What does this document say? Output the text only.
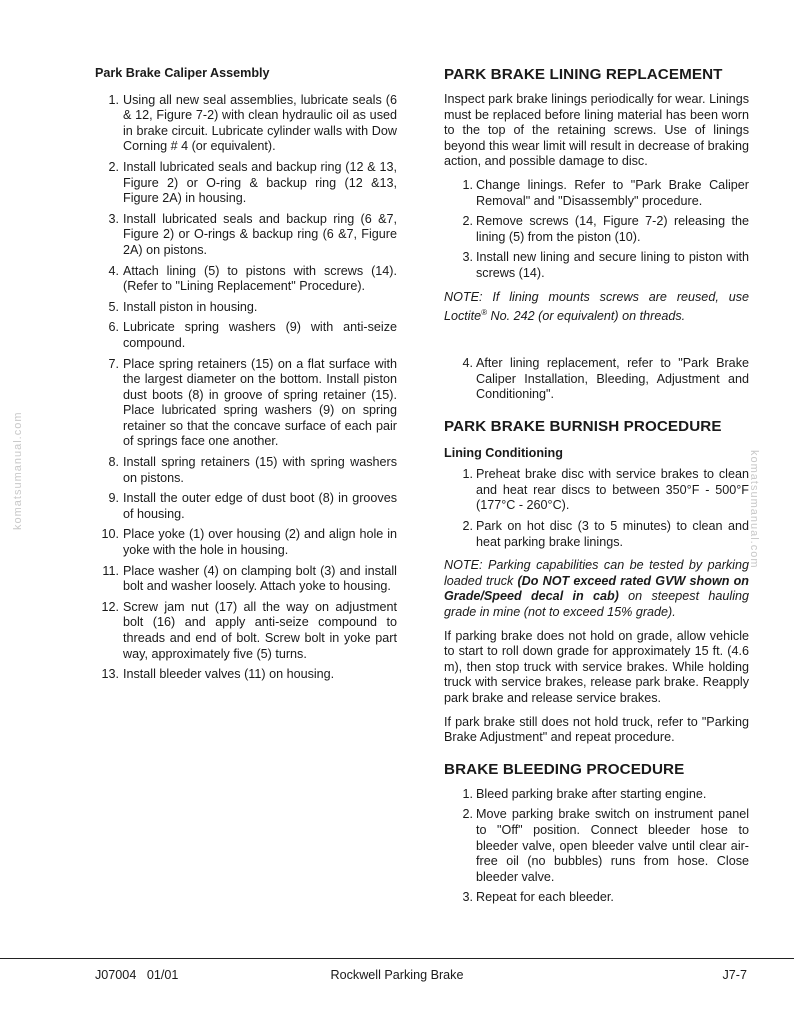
komatsumanual.com	komatsumanual.com
Park Brake Caliper Assembly
1. Using all new seal assemblies, lubricate seals (6 & 12, Figure 7-2) with clean hydraulic oil as used in brake circuit. Lubricate cylinder walls with Dow Corning # 4 (or equivalent).
2. Install lubricated seals and backup ring (12 & 13, Figure 2) or O-ring & backup ring (12 &13, Figure 2A) in housing.
3. Install lubricated seals and backup ring (6 &7, Figure 2) or O-rings & backup ring (6 &7, Figure 2A) on pistons.
4. Attach lining (5) to pistons with screws (14). (Refer to "Lining Replacement" Procedure).
5. Install piston in housing.
6. Lubricate spring washers (9) with anti-seize compound.
7. Place spring retainers (15) on a flat surface with the largest diameter on the bottom. Install piston dust boots (8) in groove of spring retainer (15). Place lubricated spring washers (9) on spring retainer so that the concave surface of each pair of springs face one another.
8. Install spring retainers (15) with spring washers on pistons.
9. Install the outer edge of dust boot (8) in grooves of housing.
10. Place yoke (1) over housing (2) and align hole in yoke with the hole in housing.
11. Place washer (4) on clamping bolt (3) and install bolt and washer loosely. Attach yoke to housing.
12. Screw jam nut (17) all the way on adjustment bolt (16) and apply anti-seize compound to threads and end of bolt. Screw bolt in yoke part way, approximately five (5) turns.
13. Install bleeder valves (11) on housing.
PARK BRAKE LINING REPLACEMENT

Inspect park brake linings periodically for wear. Linings must be replaced before lining material has been worn to the top of the retaining screws. Use of linings beyond this wear limit will result in decrease of braking action, and possible damage to disc.

1. Change linings. Refer to "Park Brake Caliper Removal" and "Disassembly" procedure.
2. Remove screws (14, Figure 7-2) releasing the lining (5) from the piston (10).
3. Install new lining and secure lining to piston with screws (14).
NOTE: If lining mounts screws are reused, use Loctite® No. 242 (or equivalent) on threads.
4. After lining replacement, refer to "Park Brake Caliper Installation, Bleeding, Adjustment and Conditioning".
PARK BRAKE BURNISH PROCEDURE
Lining Conditioning
1. Preheat brake disc with service brakes to clean and heat rear discs to between 350°F - 500°F (177°C - 260°C).
2. Park on hot disc (3 to 5 minutes) to clean and heat parking brake linings.
NOTE: Parking capabilities can be tested by parking loaded truck (Do NOT exceed rated GVW shown on Grade/Speed decal in cab) on steepest hauling grade in mine (not to exceed 15% grade).

If parking brake does not hold on grade, allow vehicle to start to roll down grade for approximately 15 ft. (4.6 m), then stop truck with service brakes. While holding truck with service brakes, release park brake. Reapply park brake and release service brakes.

If park brake still does not hold truck, refer to "Parking Brake Adjustment" and repeat procedure.

BRAKE BLEEDING PROCEDURE
1. Bleed parking brake after starting engine.
2. Move parking brake switch on instrument panel to "Off" position. Connect bleeder hose to bleeder valve, open bleeder valve until clear air-free oil (no bubbles) runs from hose. Close bleeder valve.
3. Repeat for each bleeder.
J07004   01/01	Rockwell Parking Brake	J7-7
